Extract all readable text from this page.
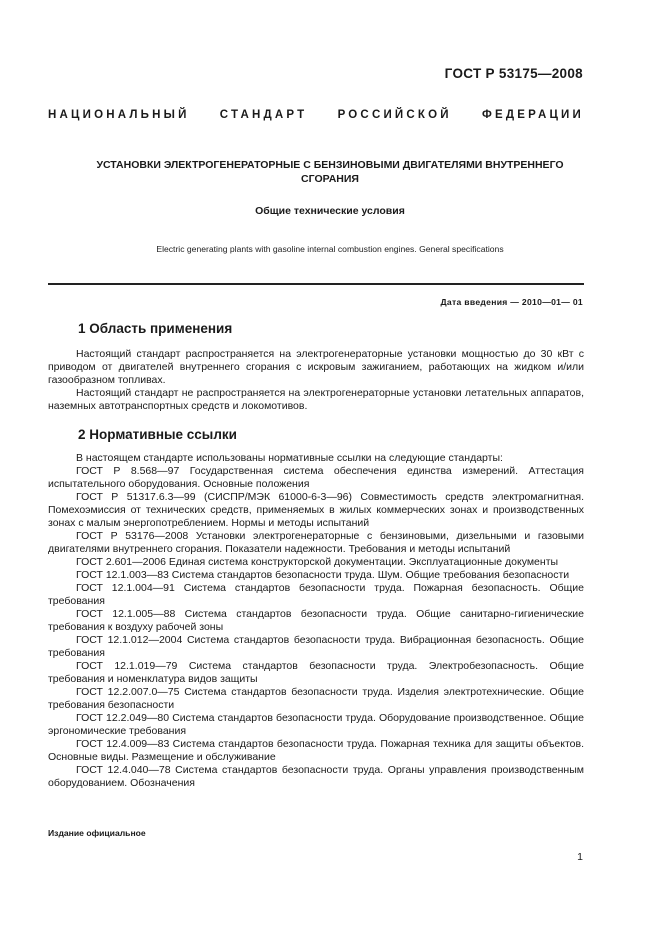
ГОСТ Р 53175—2008
НАЦИОНАЛЬНЫЙ СТАНДАРТ РОССИЙСКОЙ ФЕДЕРАЦИИ
УСТАНОВКИ ЭЛЕКТРОГЕНЕРАТОРНЫЕ С БЕНЗИНОВЫМИ ДВИГАТЕЛЯМИ ВНУТРЕННЕГО
СГОРАНИЯ
Общие технические условия
Electric generating plants with gasoline internal combustion engines. General specifications
Дата введения — 2010—01— 01
1 Область применения

Настоящий стандарт распространяется на электрогенераторные установки мощностью до 30 кВт с приводом от двигателей внутреннего сгорания с искровым зажиганием, работающих на жидком и/или газообразном топливах.

Настоящий стандарт не распространяется на электрогенераторные установки летательных аппаратов, наземных автотранспортных средств и локомотивов.

2 Нормативные ссылки

В настоящем стандарте использованы нормативные ссылки на следующие стандарты:

ГОСТ Р 8.568—97 Государственная система обеспечения единства измерений. Аттестация испытательного оборудования. Основные положения

ГОСТ Р 51317.6.3—99 (СИСПР/МЭК 61000-6-3—96) Совместимость средств электромагнитная. Помехоэмиссия от технических средств, применяемых в жилых коммерческих зонах и производственных зонах с малым энергопотреблением. Нормы и методы испытаний

ГОСТ Р 53176—2008 Установки электрогенераторные с бензиновыми, дизельными и газовыми двигателями внутреннего сгорания. Показатели надежности. Требования и методы испытаний

ГОСТ 2.601—2006 Единая система конструкторской документации. Эксплуатационные документы

ГОСТ 12.1.003—83 Система стандартов безопасности труда. Шум. Общие требования безопасности

ГОСТ 12.1.004—91 Система стандартов безопасности труда. Пожарная безопасность. Общие требования

ГОСТ 12.1.005—88 Система стандартов безопасности труда. Общие санитарно-гигиенические требования к воздуху рабочей зоны

ГОСТ 12.1.012—2004 Система стандартов безопасности труда. Вибрационная безопасность. Общие требования

ГОСТ 12.1.019—79 Система стандартов безопасности труда. Электробезопасность. Общие требования и номенклатура видов защиты

ГОСТ 12.2.007.0—75 Система стандартов безопасности труда. Изделия электротехнические. Общие требования безопасности

ГОСТ 12.2.049—80 Система стандартов безопасности труда. Оборудование производственное. Общие эргономические требования

ГОСТ 12.4.009—83 Система стандартов безопасности труда. Пожарная техника для защиты объектов. Основные виды. Размещение и обслуживание

ГОСТ 12.4.040—78 Система стандартов безопасности труда. Органы управления производственным оборудованием. Обозначения

Издание официальное
1
